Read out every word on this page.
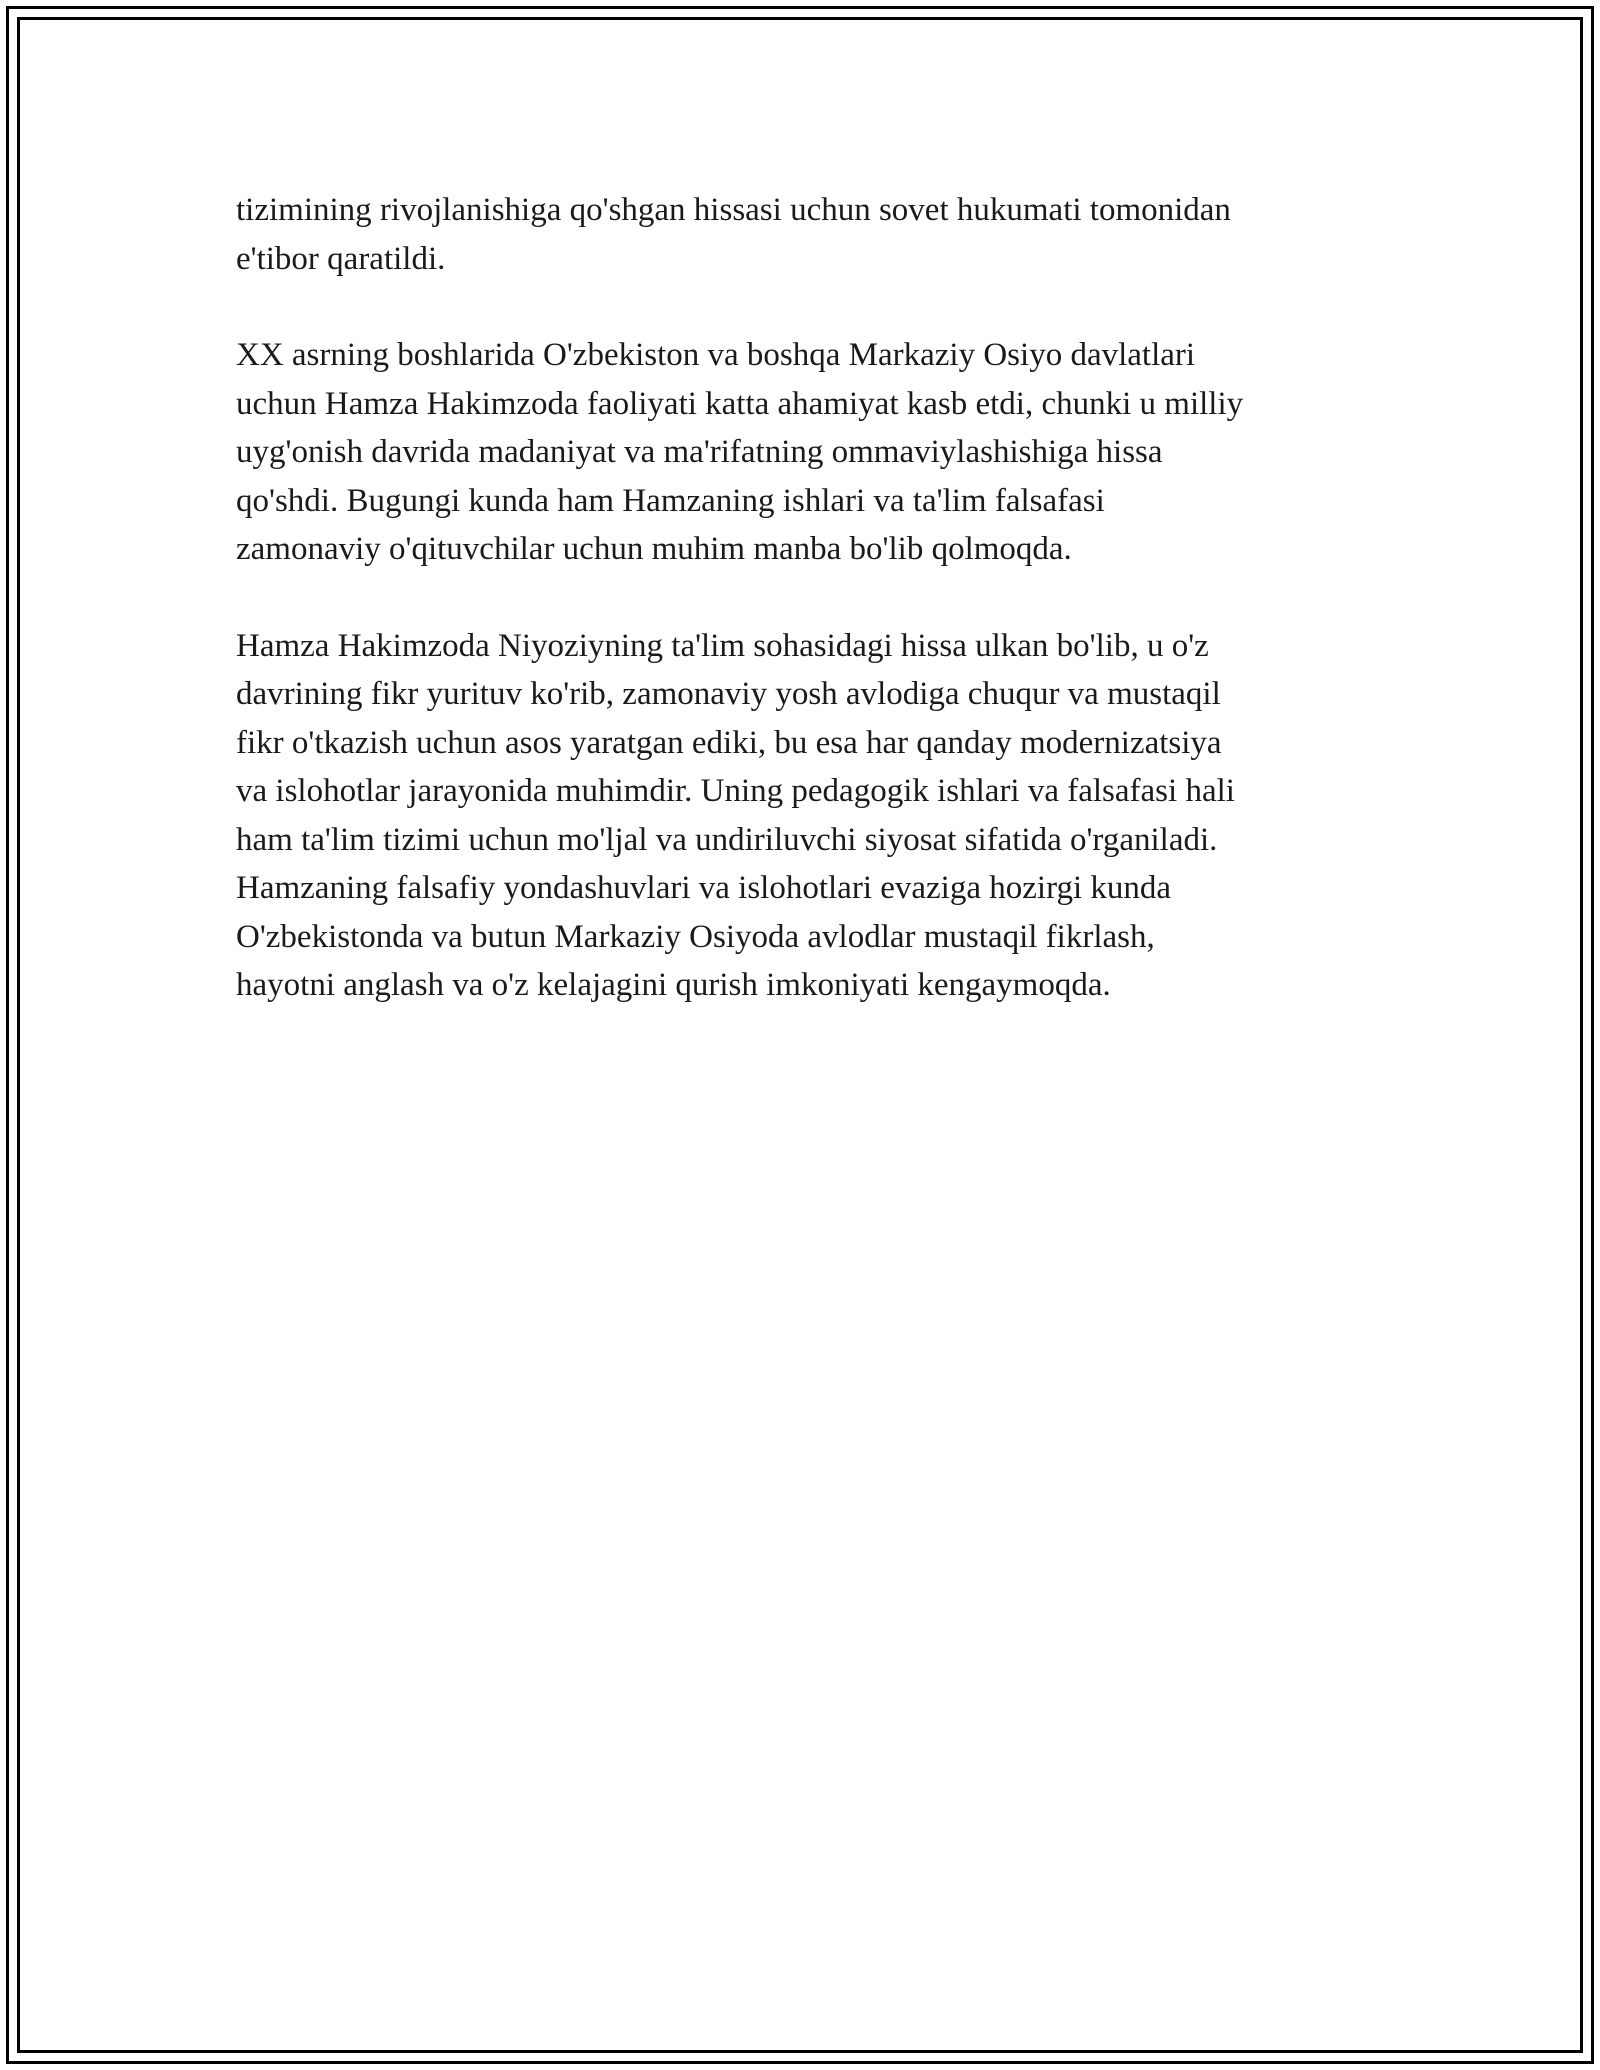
tizimining rivojlanishiga qo'shgan hissasi uchun sovet hukumati tomonidan
e'tibor qaratildi.

XX asrning boshlarida O'zbekiston va boshqa Markaziy Osiyo davlatlari
uchun Hamza Hakimzoda faoliyati katta ahamiyat kasb etdi, chunki u milliy
uyg'onish davrida madaniyat va ma'rifatning ommaviylashishiga hissa
qo'shdi. Bugungi kunda ham Hamzaning ishlari va ta'lim falsafasi
zamonaviy o'qituvchilar uchun muhim manba bo'lib qolmoqda.

Hamza Hakimzoda Niyoziyning ta'lim sohasidagi hissa ulkan bo'lib, u o'z
davrining fikr yurituv ko'rib, zamonaviy yosh avlodiga chuqur va mustaqil
fikr o'tkazish uchun asos yaratgan ediki, bu esa har qanday modernizatsiya
va islohotlar jarayonida muhimdir. Uning pedagogik ishlari va falsafasi hali
ham ta'lim tizimi uchun mo'ljal va undiriluvchi siyosat sifatida o'rganiladi.
Hamzaning falsafiy yondashuvlari va islohotlari evaziga hozirgi kunda
O'zbekistonda va butun Markaziy Osiyoda avlodlar mustaqil fikrlash,
hayotni anglash va o'z kelajagini qurish imkoniyati kengaymoqda.
